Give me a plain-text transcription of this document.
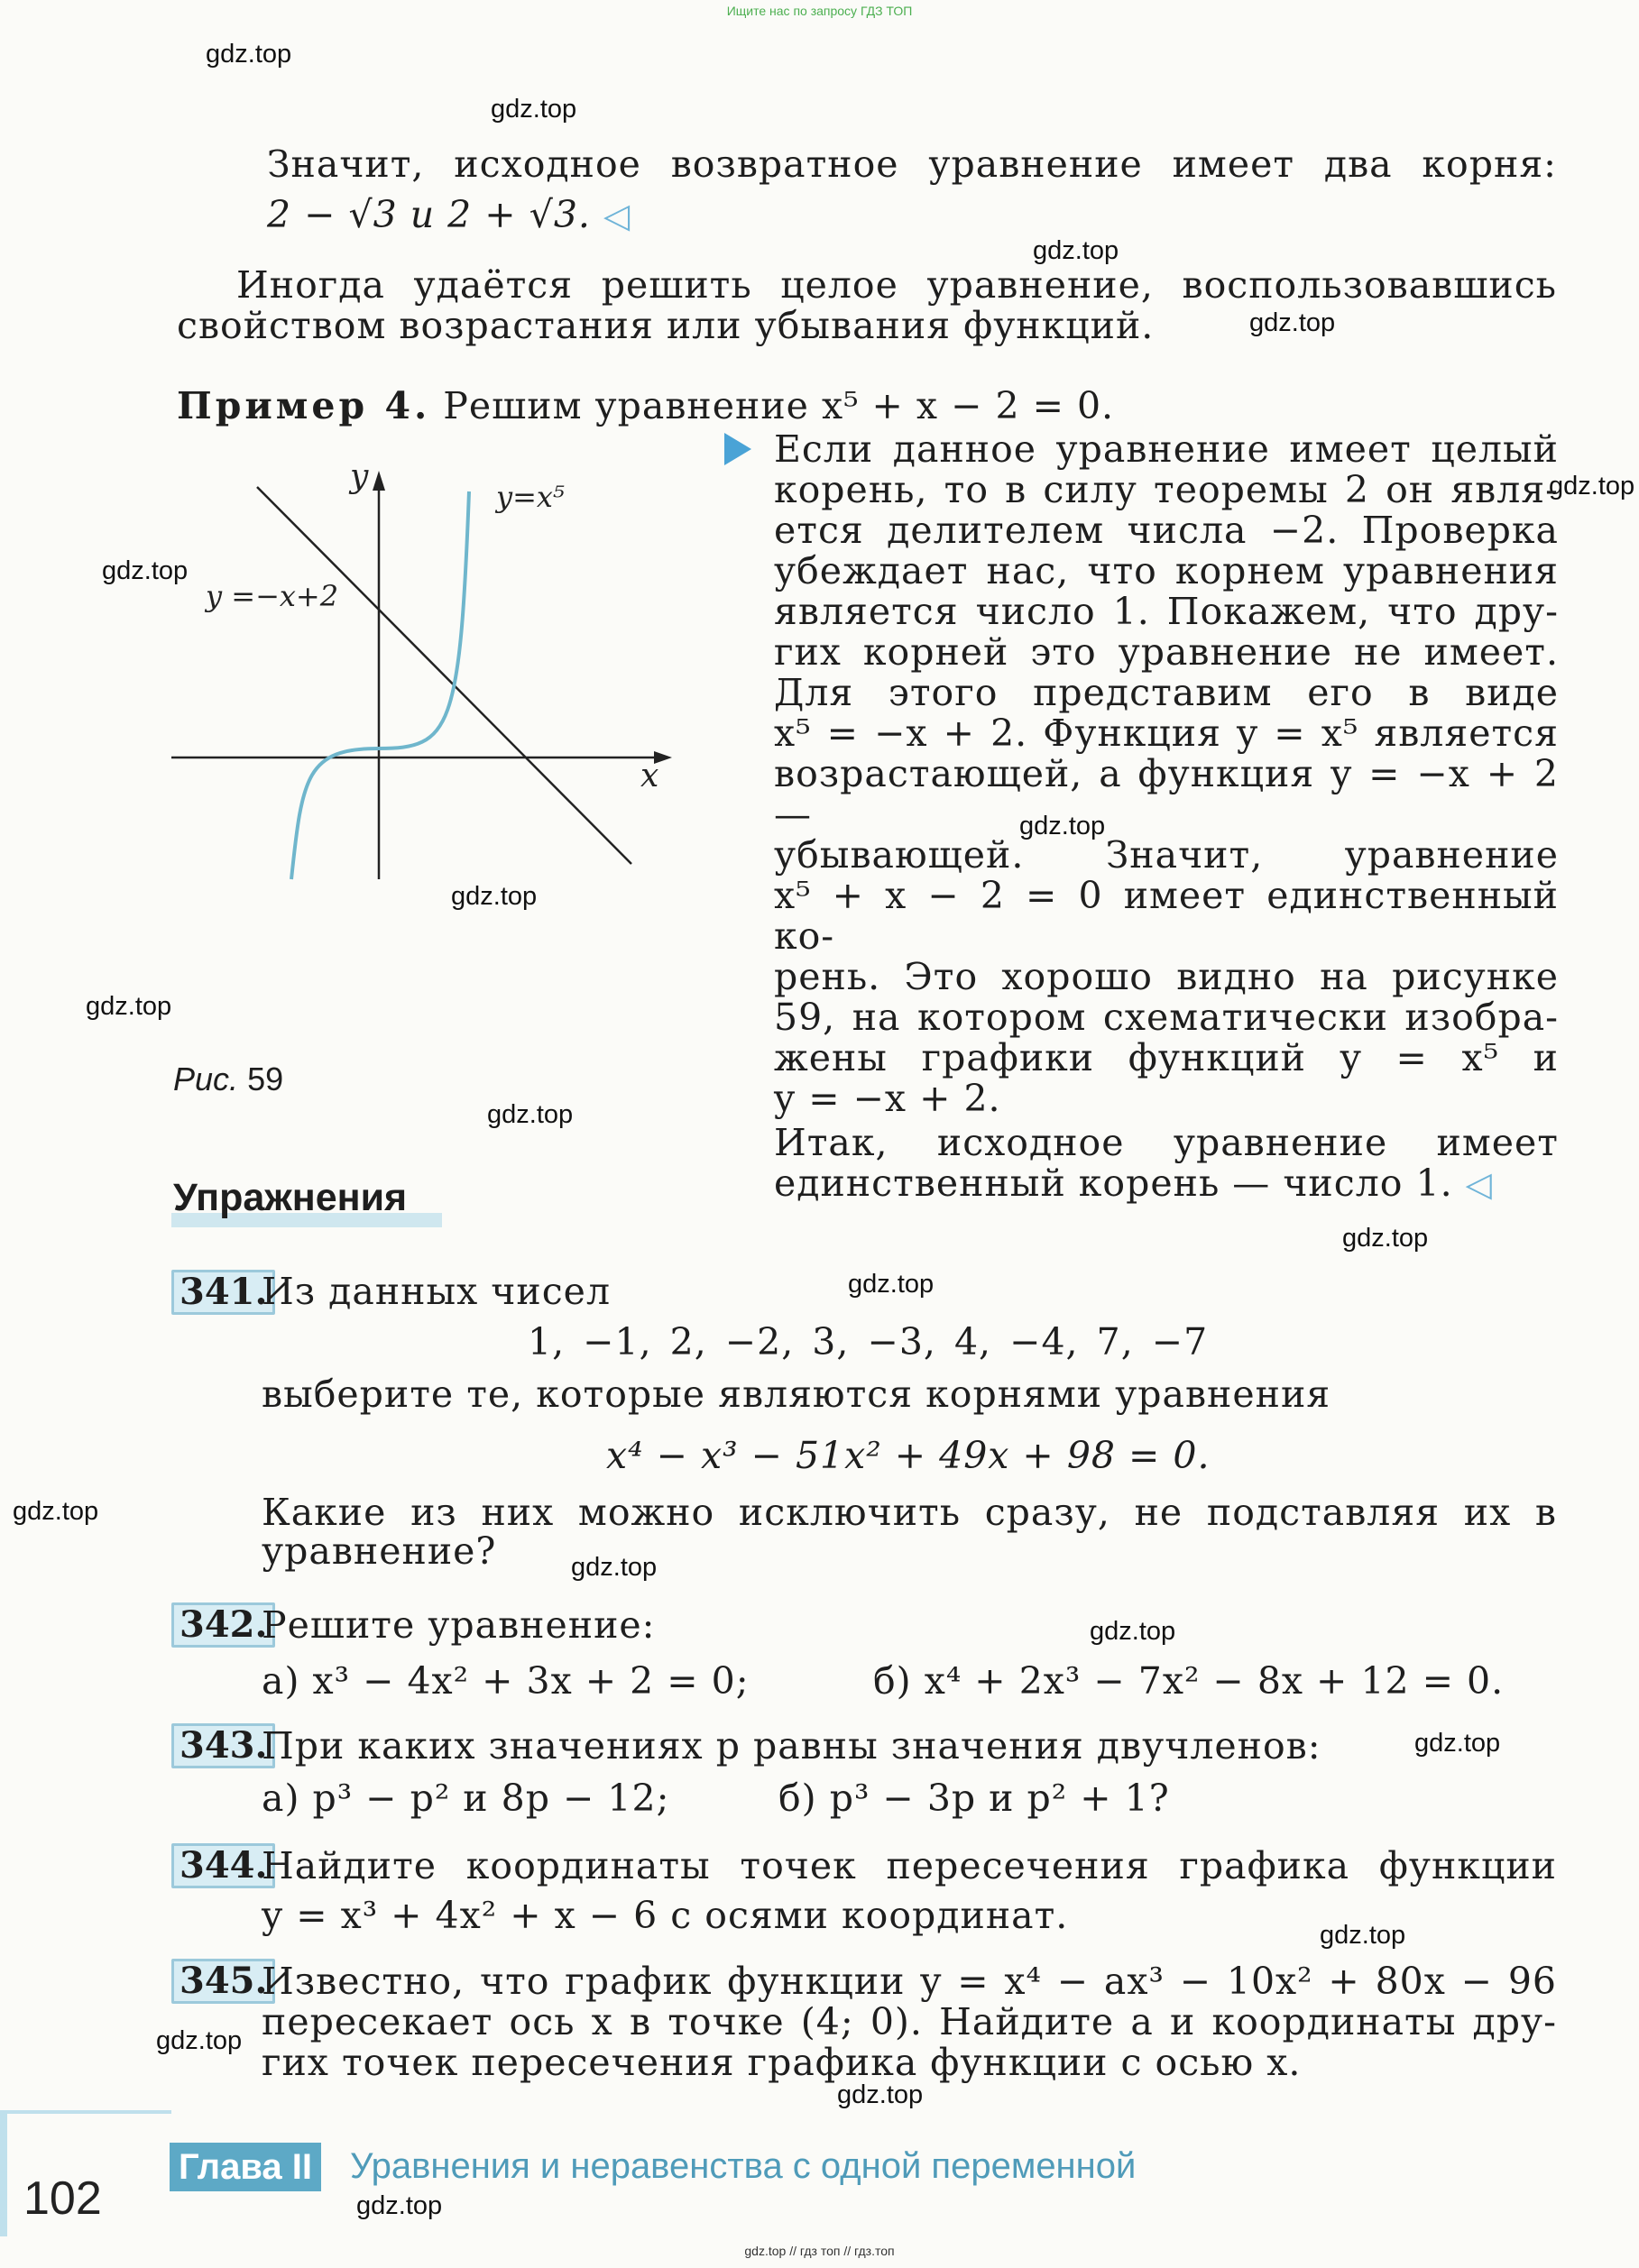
Ищите нас по запросу ГДЗ ТОП
gdz.top // гдз топ // гдз.топ
gdz.top
gdz.top
gdz.top
gdz.top
gdz.top
gdz.top
gdz.top
gdz.top
gdz.top
gdz.top
gdz.top
gdz.top
gdz.top
gdz.top
gdz.top
gdz.top
gdz.top
gdz.top
gdz.top
gdz.top
Значит, исходное возвратное уравнение имеет два корня:
2 − √3 и 2 + √3. ◁
Иногда удаётся решить целое уравнение, воспользовавшись
свойством возрастания или убывания функций.
Пример 4. Решим уравнение x⁵ + x − 2 = 0.
Если данное уравнение имеет целый
корень, то в силу теоремы 2 он явля-
ется делителем числа −2. Проверка
убеждает нас, что корнем уравнения
является число 1. Покажем, что дру-
гих корней это уравнение не имеет.
Для этого представим его в виде
x⁵ = −x + 2. Функция y = x⁵ является
возрастающей, а функция y = −x + 2 —
убывающей. Значит, уравнение
x⁵ + x − 2 = 0 имеет единственный ко-
рень. Это хорошо видно на рисунке
59, на котором схематически изобра-
жены графики функций y = x⁵ и
y = −x + 2.
Итак, исходное уравнение имеет
единственный корень — число 1. ◁
y
x
y=x⁵
y =−x+2
Рис. 59
Упражнения
341.
Из данных чисел
1, −1, 2, −2, 3, −3, 4, −4, 7, −7
выберите те, которые являются корнями уравнения
x⁴ − x³ − 51x² + 49x + 98 = 0.
Какие из них можно исключить сразу, не подставляя их в
уравнение?
342.
Решите уравнение:
а) x³ − 4x² + 3x + 2 = 0;	б) x⁴ + 2x³ − 7x² − 8x + 12 = 0.
343.
При каких значениях p равны значения двучленов:
а) p³ − p² и 8p − 12;	б) p³ − 3p и p² + 1?
344.
Найдите координаты точек пересечения графика функции
y = x³ + 4x² + x − 6 с осями координат.
345.
Известно, что график функции y = x⁴ − ax³ − 10x² + 80x − 96
пересекает ось x в точке (4; 0). Найдите a и координаты дру-
гих точек пересечения графика функции с осью x.
102
Глава II Уравнения и неравенства с одной переменной
